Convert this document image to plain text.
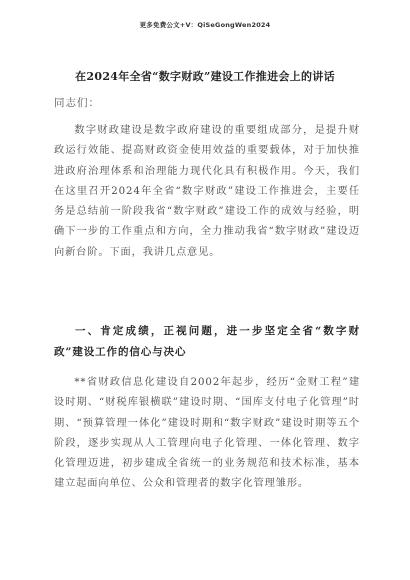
更多免费公文+V：QiSeGongWen2024
在2024年全省“数字财政”建设工作推进会上的讲话
同志们：
数字财政建设是数字政府建设的重要组成部分，是提升财政运行效能、提高财政资金使用效益的重要载体，对于加快推进政府治理体系和治理能力现代化具有积极作用。今天，我们在这里召开2024年全省“数字财政”建设工作推进会，主要任务是总结前一阶段我省“数字财政”建设工作的成效与经验，明确下一步的工作重点和方向，全力推动我省“数字财政”建设迈向新台阶。下面，我讲几点意见。
一、肯定成绩，正视问题，进一步坚定全省“数字财政”建设工作的信心与决心
**省财政信息化建设自2002年起步，经历“金财工程”建设时期、“财税库银横联”建设时期、“国库支付电子化管理”时期、“预算管理一体化”建设时期和“数字财政”建设时期等五个阶段，逐步实现从人工管理向电子化管理、一体化管理、数字化管理迈进，初步建成全省统一的业务规范和技术标准，基本建立起面向单位、公众和管理者的数字化管理雏形。
